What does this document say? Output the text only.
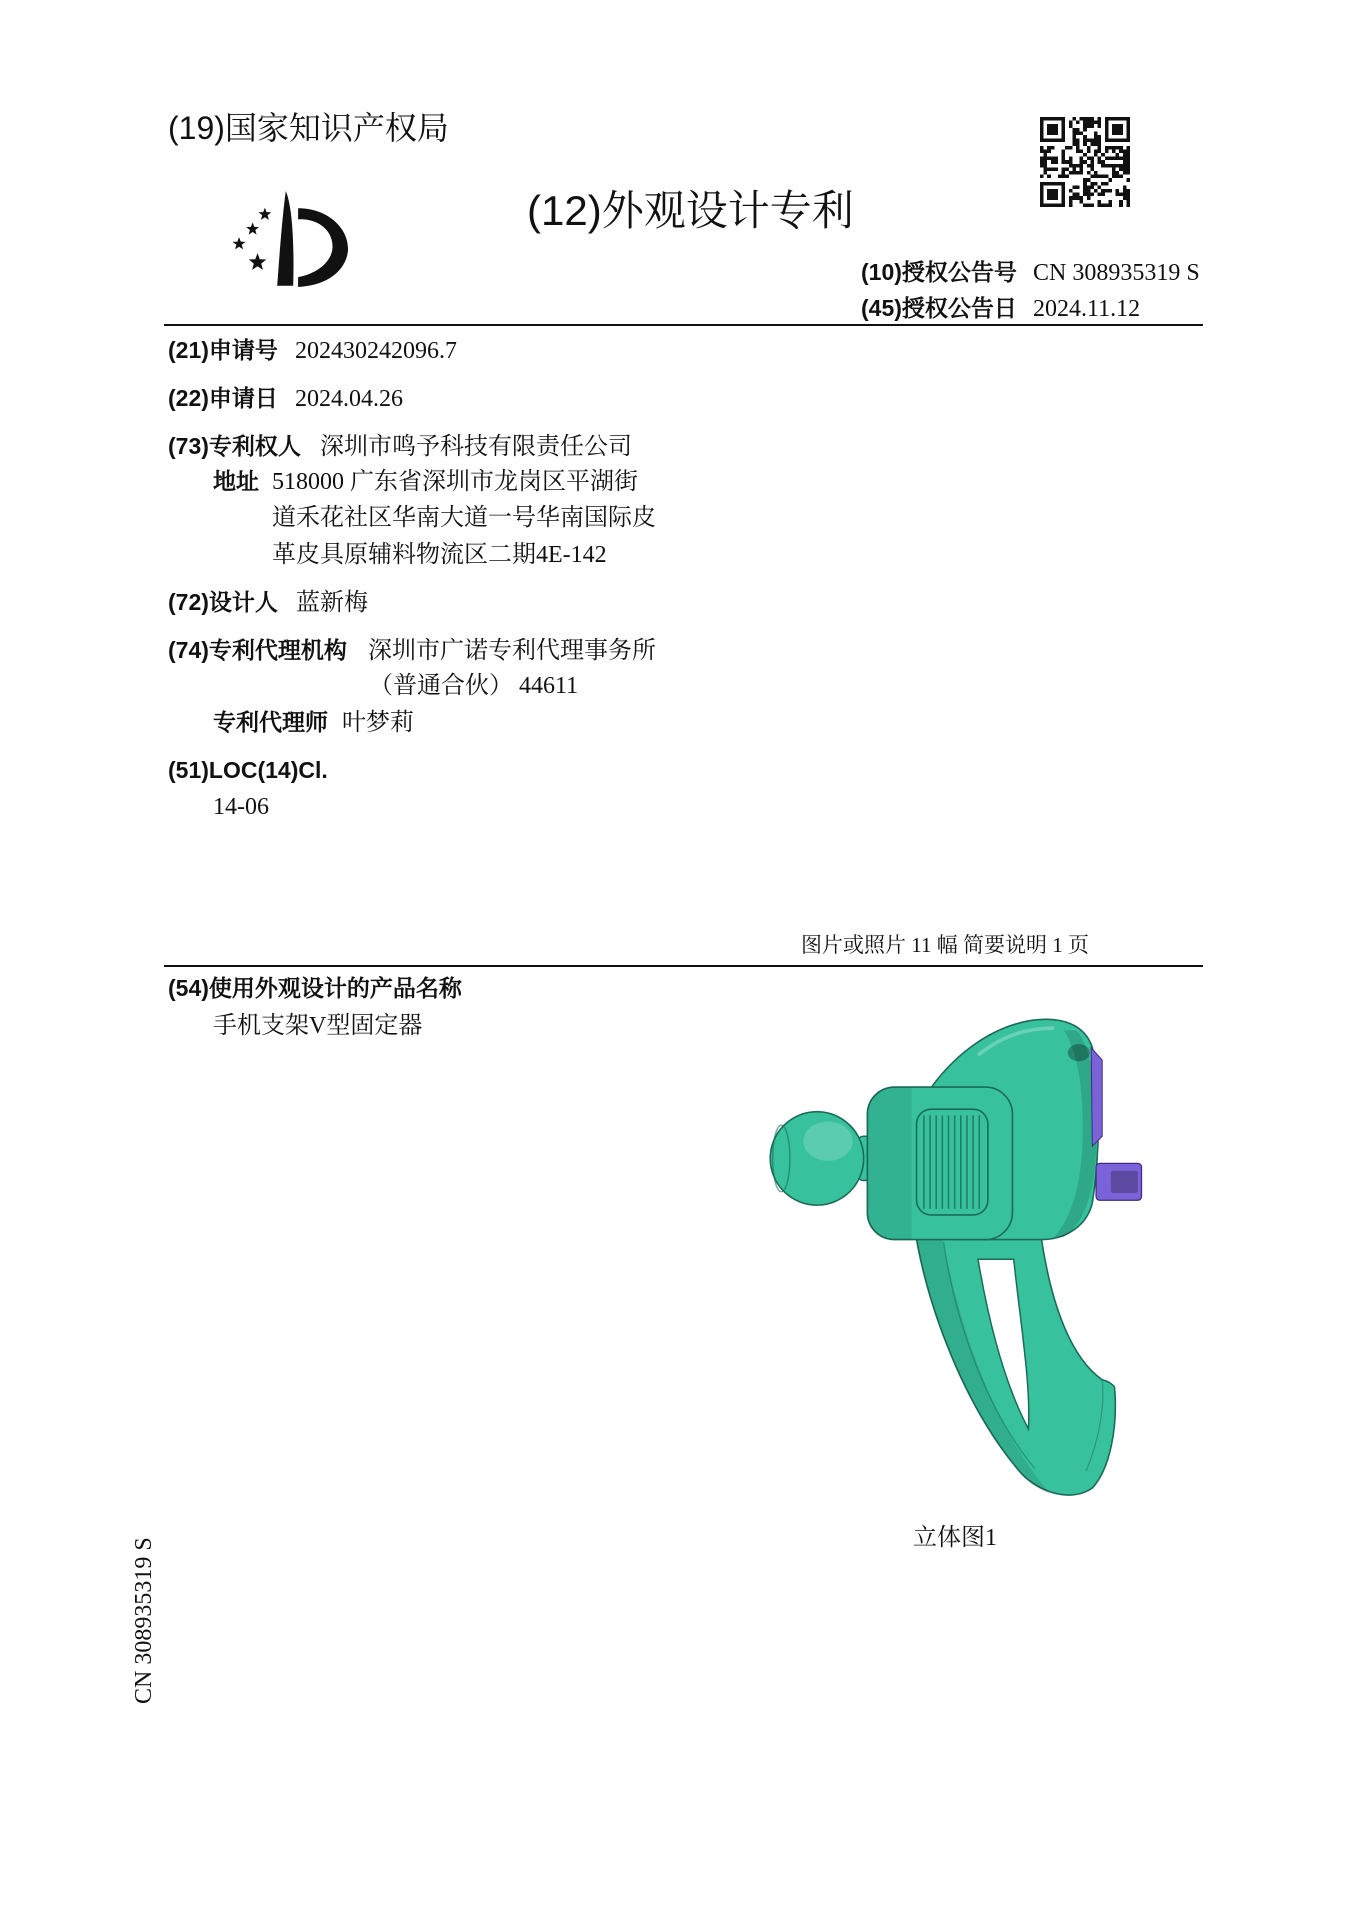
(19)国家知识产权局
(12)外观设计专利
(10)授权公告号 CN 308935319 S
(45)授权公告日 2024.11.12
(21)申请号 202430242096.7
(22)申请日 2024.04.26
(73)专利权人 深圳市鸣予科技有限责任公司
地址 518000 广东省深圳市龙岗区平湖街
道禾花社区华南大道一号华南国际皮
革皮具原辅料物流区二期4E-142
(72)设计人 蓝新梅
(74)专利代理机构 深圳市广诺专利代理事务所
（普通合伙） 44611
专利代理师 叶梦莉
(51)LOC(14)Cl.
14-06
图片或照片 11 幅 简要说明 1 页
(54)使用外观设计的产品名称
手机支架V型固定器
立体图1
CN 308935319 S
